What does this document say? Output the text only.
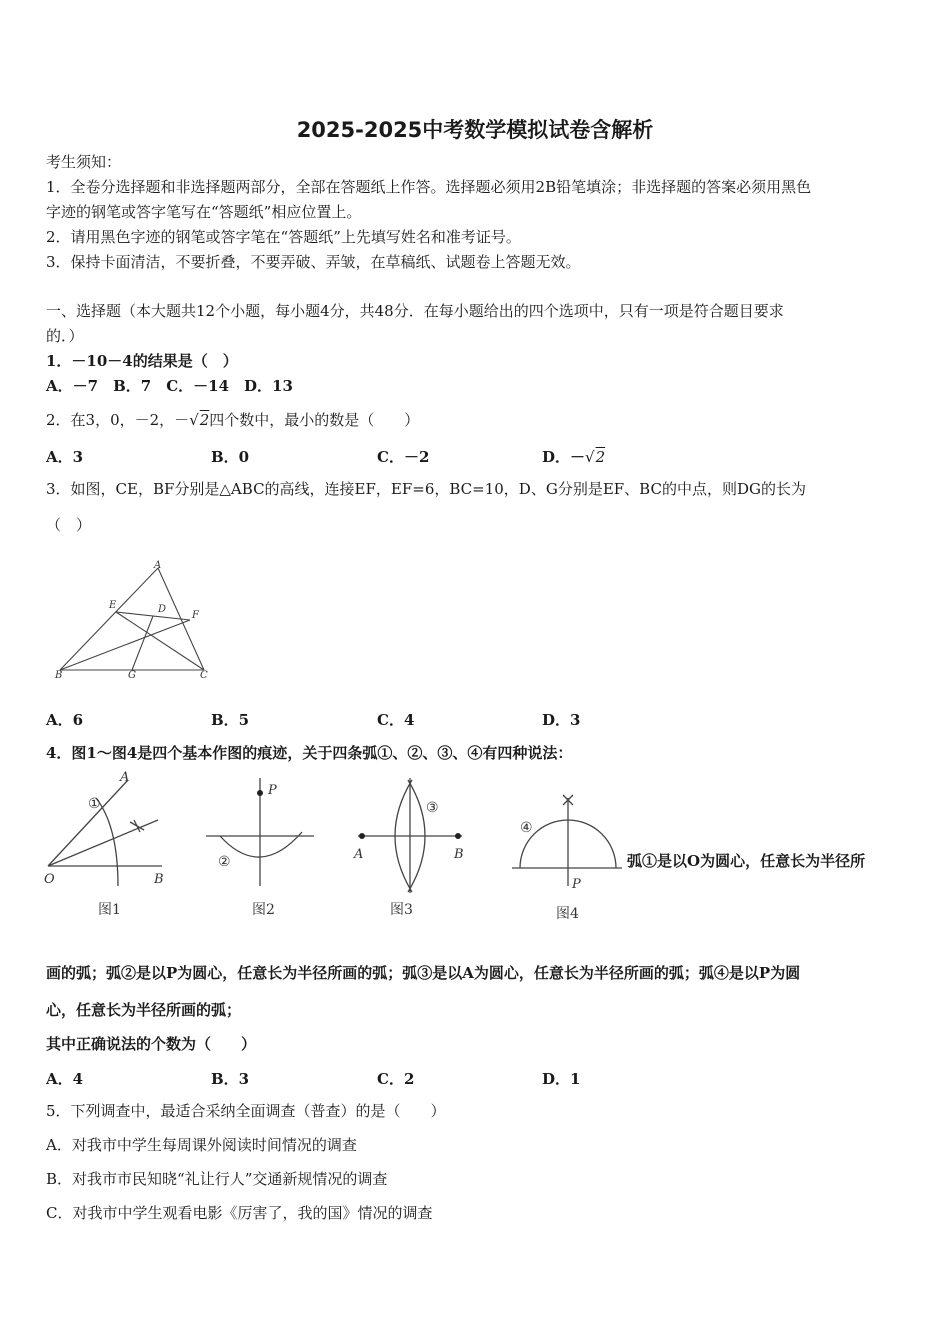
2025-2025中考数学模拟试卷含解析
考生须知：
1．全卷分选择题和非选择题两部分，全部在答题纸上作答。选择题必须用2B铅笔填涂；非选择题的答案必须用黑色
字迹的钢笔或答字笔写在“答题纸”相应位置上。
2．请用黑色字迹的钢笔或答字笔在“答题纸”上先填写姓名和准考证号。
3．保持卡面清洁，不要折叠，不要弄破、弄皱，在草稿纸、试题卷上答题无效。
一、选择题（本大题共12个小题，每小题4分，共48分．在每小题给出的四个选项中，只有一项是符合题目要求
的．）
1．－10－4的结果是（　）
A．－7　B．7　C．－14　D．13
2．在3，0，－2，－√2四个数中，最小的数是（　　）
A．3	B．0	C．－2	D．－√2
3．如图，CE，BF分别是△ABC的高线，连接EF，EF=6，BC=10，D、G分别是EF、BC的中点，则DG的长为
（　）
A
E	D
F
B	G	C
A．6	B．5	C．4	D．3
4．图1～图4是四个基本作图的痕迹，关于四条弧①、②、③、④有四种说法：
A
O	B
①
图1
P
②
图2
A	B
③
图3
④
P
图4
弧①是以O为圆心，任意长为半径所
画的弧；弧②是以P为圆心，任意长为半径所画的弧；弧③是以A为圆心，任意长为半径所画的弧；弧④是以P为圆
心，任意长为半径所画的弧；
其中正确说法的个数为（　　）
A．4	B．3	C．2	D．1
5．下列调查中，最适合采纳全面调查（普查）的是（　　）
A．对我市中学生每周课外阅读时间情况的调查
B．对我市市民知晓“礼让行人”交通新规情况的调查
C．对我市中学生观看电影《厉害了，我的国》情况的调查
